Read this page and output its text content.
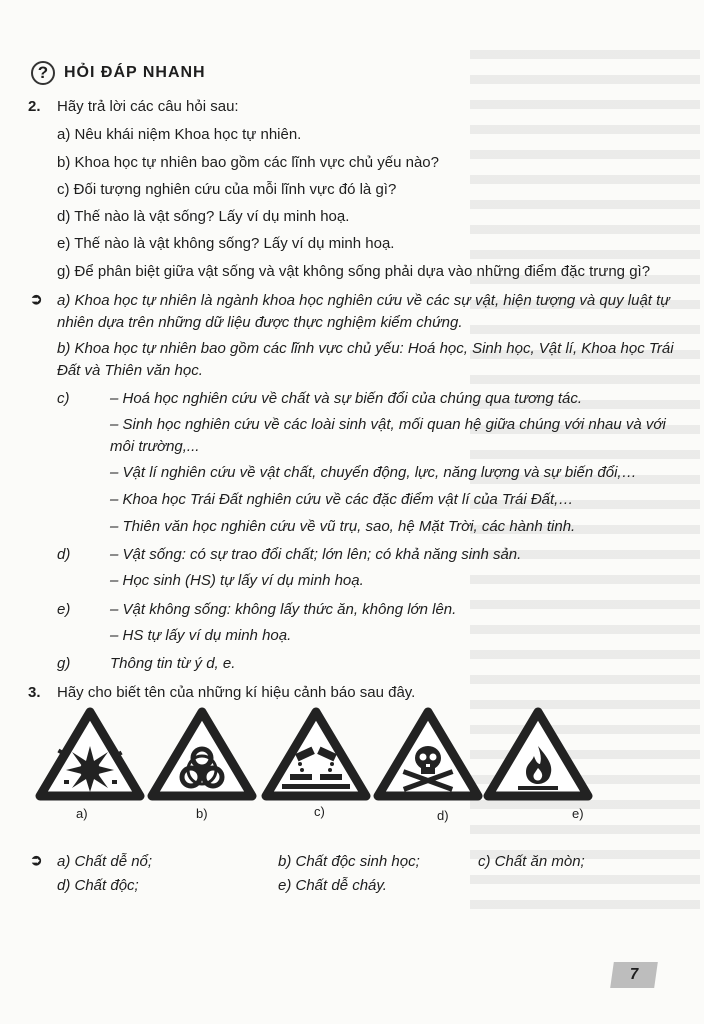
? HỎI ĐÁP NHANH
2. Hãy trả lời các câu hỏi sau:
a) Nêu khái niệm Khoa học tự nhiên.
b) Khoa học tự nhiên bao gồm các lĩnh vực chủ yếu nào?
c) Đối tượng nghiên cứu của mỗi lĩnh vực đó là gì?
d) Thế nào là vật sống? Lấy ví dụ minh hoạ.
e) Thế nào là vật không sống? Lấy ví dụ minh hoạ.
g) Để phân biệt giữa vật sống và vật không sống phải dựa vào những điểm đặc trưng gì?
➲ a) Khoa học tự nhiên là ngành khoa học nghiên cứu về các sự vật, hiện tượng và quy luật tự
nhiên dựa trên những dữ liệu được thực nghiệm kiểm chứng.
b) Khoa học tự nhiên bao gồm các lĩnh vực chủ yếu: Hoá học, Sinh học, Vật lí, Khoa học Trái
Đất và Thiên văn học.
c)	– Hoá học nghiên cứu về chất và sự biến đổi của chúng qua tương tác.
– Sinh học nghiên cứu về các loài sinh vật, mối quan hệ giữa chúng với nhau và với
môi trường,...
– Vật lí nghiên cứu về vật chất, chuyển động, lực, năng lượng và sự biến đổi,…
– Khoa học Trái Đất nghiên cứu về các đặc điểm vật lí của Trái Đất,…
– Thiên văn học nghiên cứu về vũ trụ, sao, hệ Mặt Trời, các hành tinh.
d)	– Vật sống: có sự trao đổi chất; lớn lên; có khả năng sinh sản.
– Học sinh (HS) tự lấy ví dụ minh hoạ.
e)	– Vật không sống: không lấy thức ăn, không lớn lên.
– HS tự lấy ví dụ minh hoạ.
g)	Thông tin từ ý d, e.
3. Hãy cho biết tên của những kí hiệu cảnh báo sau đây.
a)	b)	c)	d)	e)
➲ a) Chất dễ nổ;	b) Chất độc sinh học;	c) Chất ăn mòn;
d) Chất độc;	e) Chất dễ cháy.
7
